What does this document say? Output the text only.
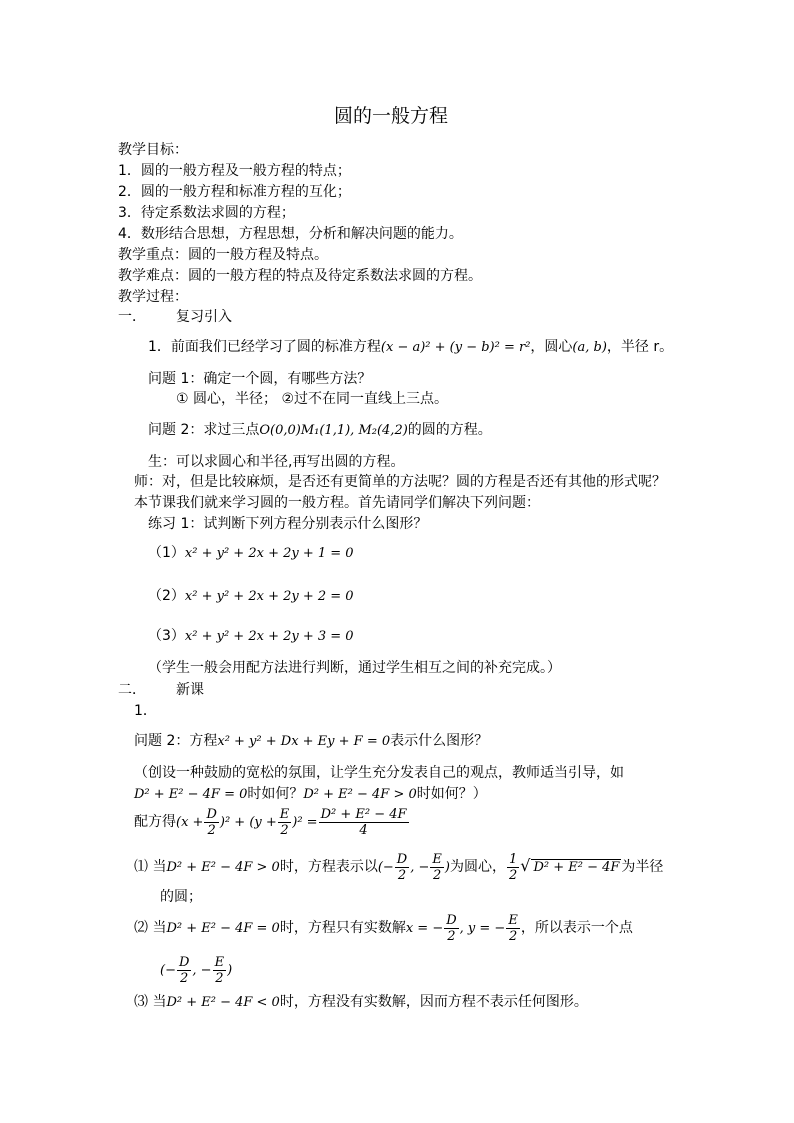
圆的一般方程
教学目标：
1．圆的一般方程及一般方程的特点；
2．圆的一般方程和标准方程的互化；
3．待定系数法求圆的方程；
4．数形结合思想，方程思想，分析和解决问题的能力。
教学重点：圆的一般方程及特点。
教学难点：圆的一般方程的特点及待定系数法求圆的方程。
教学过程：
一． 复习引入
1．前面我们已经学习了圆的标准方程(x − a)² + (y − b)² = r²，圆心(a, b)，半径 r。
问题 1：确定一个圆，有哪些方法？
① 圆心，半径； ②过不在同一直线上三点。
问题 2：求过三点O(0,0)M₁(1,1), M₂(4,2)的圆的方程。
生：可以求圆心和半径,再写出圆的方程。
师：对，但是比较麻烦，是否还有更简单的方法呢？圆的方程是否还有其他的形式呢？
本节课我们就来学习圆的一般方程。首先请同学们解决下列问题：
练习 1：试判断下列方程分别表示什么图形？
（1）x² + y² + 2x + 2y + 1 = 0
（2）x² + y² + 2x + 2y + 2 = 0
（3）x² + y² + 2x + 2y + 3 = 0
（学生一般会用配方法进行判断，通过学生相互之间的补充完成。）
二． 新课
1．
问题 2：方程x² + y² + Dx + Ey + F = 0表示什么图形？
（创设一种鼓励的宽松的氛围，让学生充分发表自己的观点，教师适当引导，如
D² + E² − 4F = 0时如何？D² + E² − 4F > 0时如何？）
配方得$(x + \frac{D}{2} )^2 + (y + \frac{E}{2} )^2 = \frac{\text{D² + E² − 4F}}{4}$
⑴ 当D² + E² − 4F > 0时，方程表示以(− $\frac{D}{2}$ , − $\frac{E}{2}$ )为圆心， $\frac{1}{2}$ √ D² + E² − 4F 为半径
的圆；
⑵ 当D² + E² − 4F = 0时，方程只有实数解x = − $\frac{D}{2}$ , y = − $\frac{E}{2}$ ，所以表示一个点
(− $\frac{D}{2}$ , − $\frac{E}{2}$ )
⑶ 当D² + E² − 4F < 0时，方程没有实数解，因而方程不表示任何图形。
